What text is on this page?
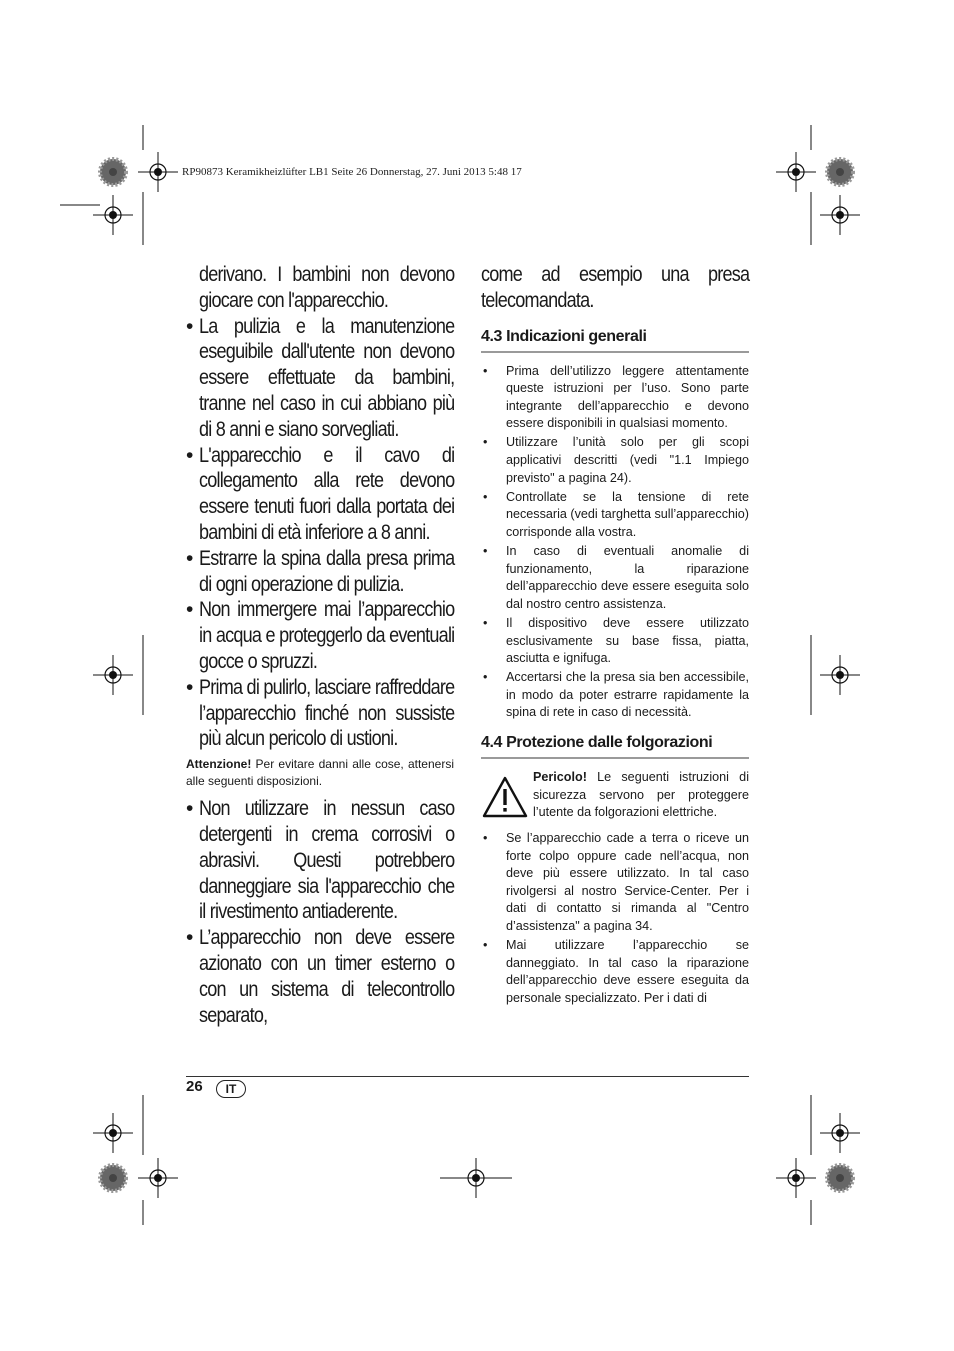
RP90873 Keramikheizlüfter LB1 Seite 26 Donnerstag, 27. Juni 2013 5:48 17

derivano. I bambini non devono giocare con l'apparecchio.

• La pulizia e la manutenzione eseguibile dall'utente non devono essere effettuate da bambini, tranne nel caso in cui abbiano più di 8 anni e siano sorvegliati.

• L'apparecchio e il cavo di collegamento alla rete devono essere tenuti fuori dalla portata dei bambini di età inferiore a 8 anni.

• Estrarre la spina dalla presa prima di ogni operazione di pulizia.

• Non immergere mai l’apparecchio in acqua e proteggerlo da eventuali gocce o spruzzi.

• Prima di pulirlo, lasciare raffreddare l’apparecchio finché non sussiste più alcun pericolo di ustioni.

Attenzione! Per evitare danni alle cose, attenersi alle seguenti disposizioni.

• Non utilizzare in nessun caso detergenti in crema corrosivi o abrasivi. Questi potrebbero danneggiare sia l'apparecchio che il rivestimento antiaderente.

• L’apparecchio non deve essere azionato con un timer esterno o con un sistema di telecontrollo separato,

come ad esempio una presa telecomandata.

4.3 Indicazioni generali
•	Prima dell’utilizzo leggere attentamente queste istruzioni per l’uso. Sono parte integrante dell’apparecchio e devono essere disponibili in qualsiasi momento.
•	Utilizzare l’unità solo per gli scopi applicativi descritti (vedi "1.1 Impiego previsto" a pagina 24).
•	Controllate se la tensione di rete necessaria (vedi targhetta sull’apparecchio) corrisponde alla vostra.
•	In caso di eventuali anomalie di funzionamento, la riparazione dell’apparecchio deve essere eseguita solo dal nostro centro assistenza.
•	Il dispositivo deve essere utilizzato esclusivamente su base fissa, piatta, asciutta e ignifuga.
•	Accertarsi che la presa sia ben accessibile, in modo da poter estrarre rapidamente la spina di rete in caso di necessità.
4.4 Protezione dalle folgorazioni
Pericolo! Le seguenti istruzioni di sicurezza servono per proteggere l’utente da folgorazioni elettriche.
•	Se l’apparecchio cade a terra o riceve un forte colpo oppure cade nell’acqua, non deve più essere utilizzato. In tal caso rivolgersi al nostro Service-Center. Per i dati di contatto si rimanda al "Centro d’assistenza" a pagina 34.
•	Mai utilizzare l’apparecchio se danneggiato. In tal caso la riparazione dell’apparecchio deve essere eseguita da personale specializzato. Per i dati di
26	IT
